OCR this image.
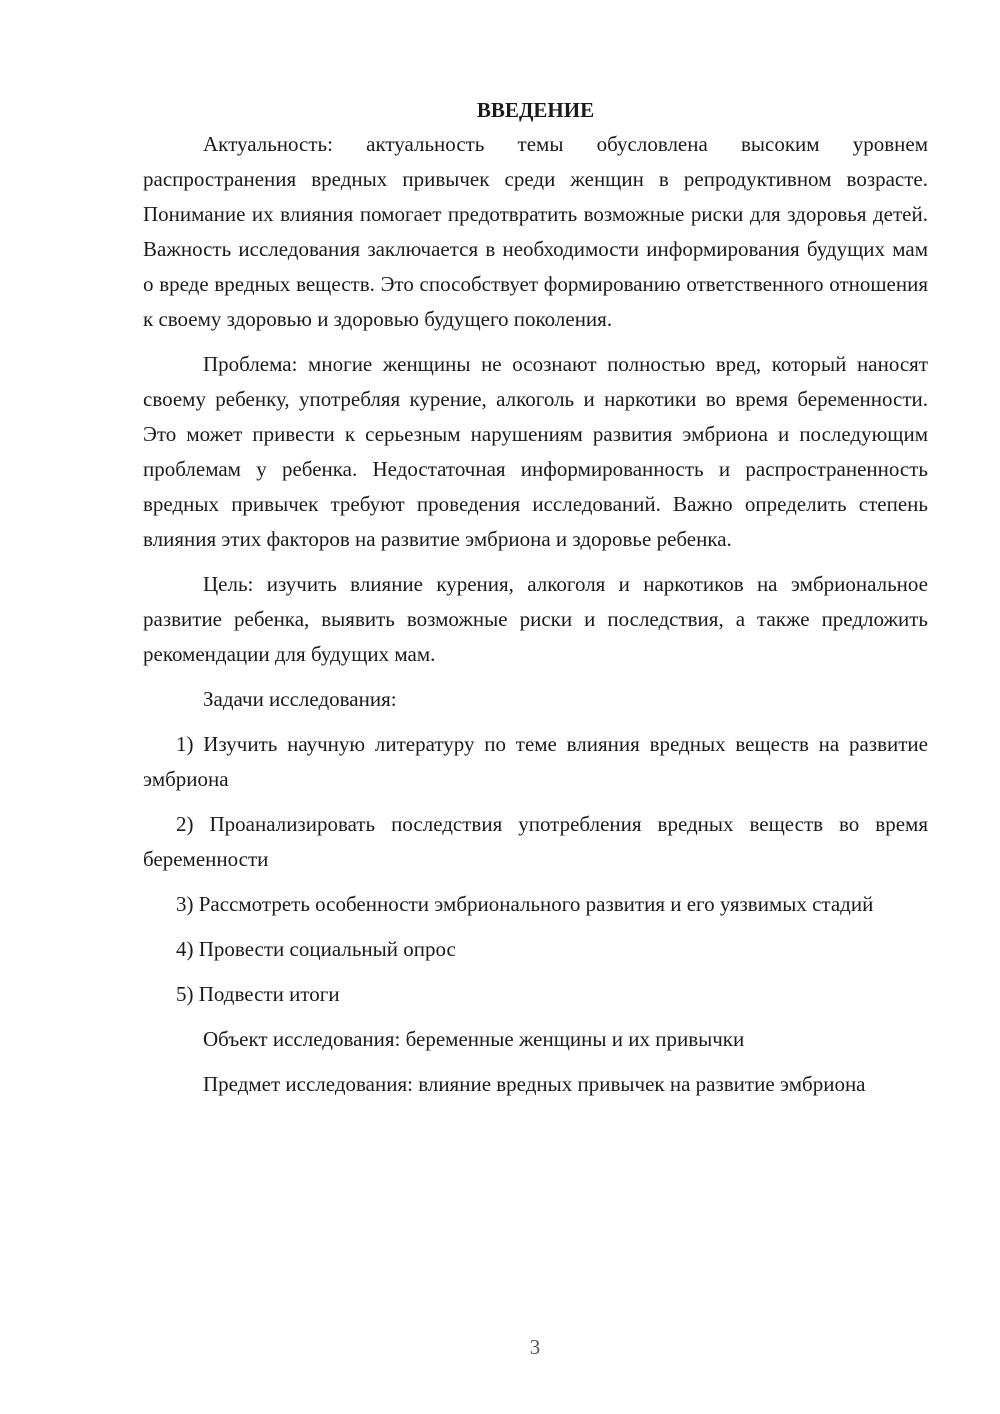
ВВЕДЕНИЕ

Актуальность: актуальность темы обусловлена высоким уровнем распространения вредных привычек среди женщин в репродуктивном возрасте. Понимание их влияния помогает предотвратить возможные риски для здоровья детей. Важность исследования заключается в необходимости информирования будущих мам о вреде вредных веществ. Это способствует формированию ответственного отношения к своему здоровью и здоровью будущего поколения.

Проблема: многие женщины не осознают полностью вред, который наносят своему ребенку, употребляя курение, алкоголь и наркотики во время беременности. Это может привести к серьезным нарушениям развития эмбриона и последующим проблемам у ребенка. Недостаточная информированность и распространенность вредных привычек требуют проведения исследований. Важно определить степень влияния этих факторов на развитие эмбриона и здоровье ребенка.

Цель: изучить влияние курения, алкоголя и наркотиков на эмбриональное развитие ребенка, выявить возможные риски и последствия, а также предложить рекомендации для будущих мам.

Задачи исследования:

1) Изучить научную литературу по теме влияния вредных веществ на развитие эмбриона

2) Проанализировать последствия употребления вредных веществ во время беременности

3) Рассмотреть особенности эмбрионального развития и его уязвимых стадий

4) Провести социальный опрос

5) Подвести итоги

Объект исследования: беременные женщины и их привычки

Предмет исследования: влияние вредных привычек на развитие эмбриона

3
